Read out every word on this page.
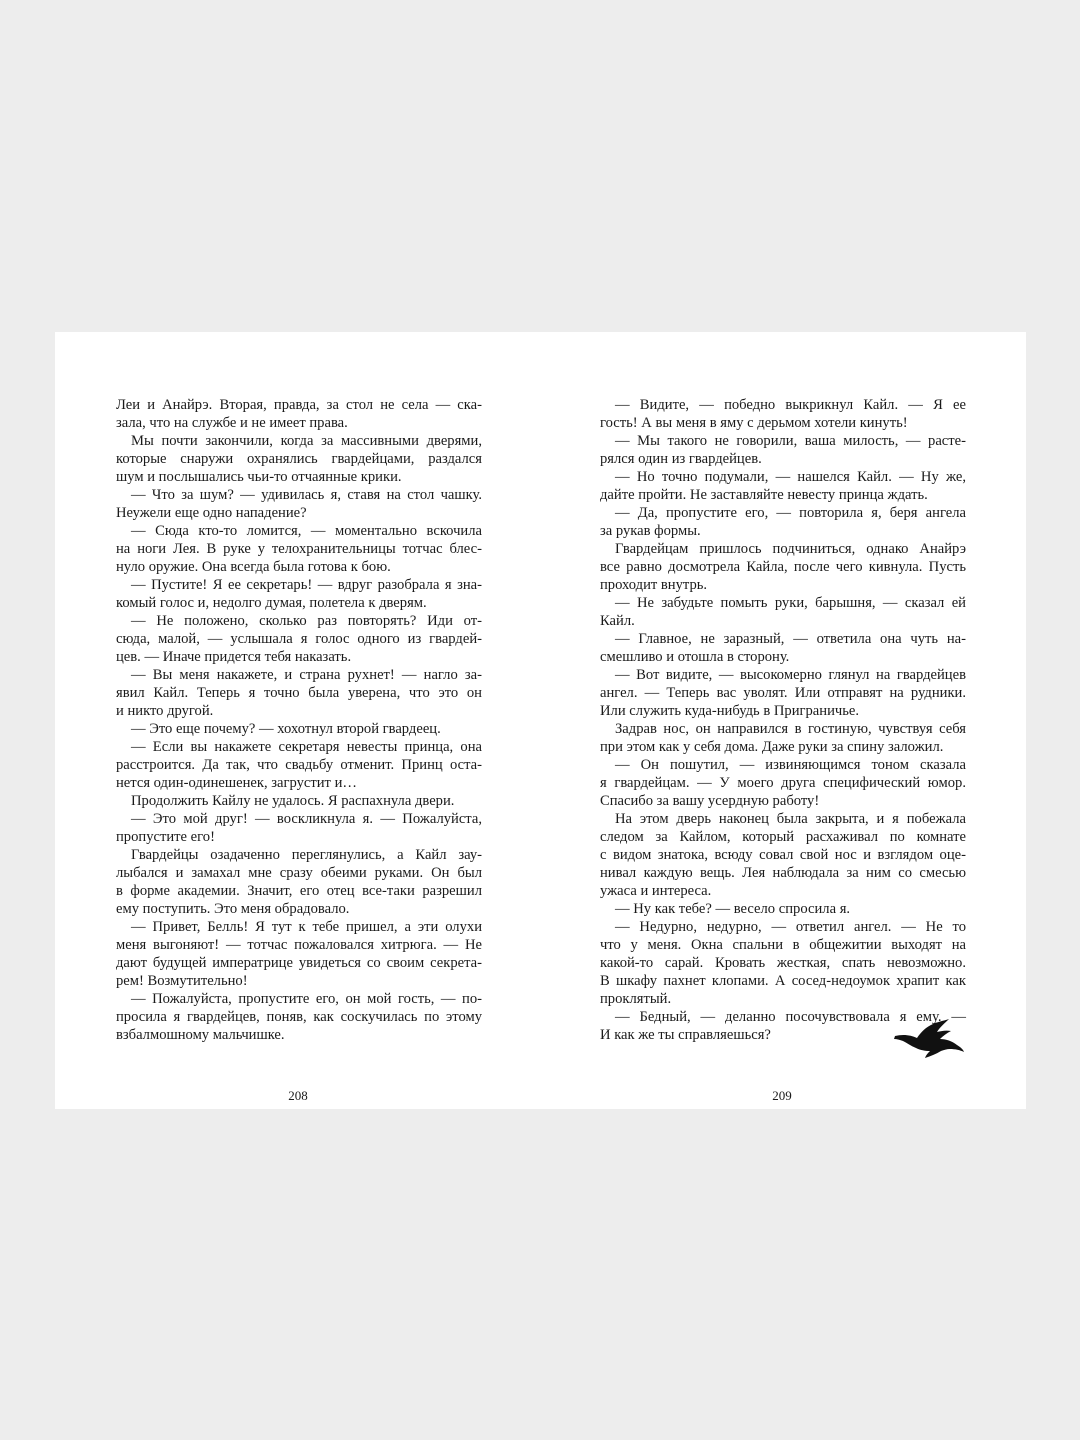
Леи и Анайрэ. Вторая, правда, за стол не села — ска-
зала, что на службе и не имеет права.
Мы почти закончили, когда за массивными дверями,
которые снаружи охранялись гвардейцами, раздался
шум и послышались чьи-то отчаянные крики.
— Что за шум? — удивилась я, ставя на стол чашку.
Неужели еще одно нападение?
— Сюда кто-то ломится, — моментально вскочила
на ноги Лея. В руке у телохранительницы тотчас блес-
нуло оружие. Она всегда была готова к бою.
— Пустите! Я ее секретарь! — вдруг разобрала я зна-
комый голос и, недолго думая, полетела к дверям.
— Не положено, сколько раз повторять? Иди от-
сюда, малой, — услышала я голос одного из гвардей-
цев. — Иначе придется тебя наказать.
— Вы меня накажете, и страна рухнет! — нагло за-
явил Кайл. Теперь я точно была уверена, что это он
и никто другой.
— Это еще почему? — хохотнул второй гвардеец.
— Если вы накажете секретаря невесты принца, она
расстроится. Да так, что свадьбу отменит. Принц оста-
нется один-одинешенек, загрустит и…
Продолжить Кайлу не удалось. Я распахнула двери.
— Это мой друг! — воскликнула я. — Пожалуйста,
пропустите его!
Гвардейцы озадаченно переглянулись, а Кайл зау-
лыбался и замахал мне сразу обеими руками. Он был
в форме академии. Значит, его отец все-таки разрешил
ему поступить. Это меня обрадовало.
— Привет, Белль! Я тут к тебе пришел, а эти олухи
меня выгоняют! — тотчас пожаловался хитрюга. — Не
дают будущей императрице увидеться со своим секрета-
рем! Возмутительно!
— Пожалуйста, пропустите его, он мой гость, — по-
просила я гвардейцев, поняв, как соскучилась по этому
взбалмошному мальчишке.
— Видите, — победно выкрикнул Кайл. — Я ее
гость! А вы меня в яму с дерьмом хотели кинуть!
— Мы такого не говорили, ваша милость, — расте-
рялся один из гвардейцев.
— Но точно подумали, — нашелся Кайл. — Ну же,
дайте пройти. Не заставляйте невесту принца ждать.
— Да, пропустите его, — повторила я, беря ангела
за рукав формы.
Гвардейцам пришлось подчиниться, однако Анайрэ
все равно досмотрела Кайла, после чего кивнула. Пусть
проходит внутрь.
— Не забудьте помыть руки, барышня, — сказал ей
Кайл.
— Главное, не заразный, — ответила она чуть на-
смешливо и отошла в сторону.
— Вот видите, — высокомерно глянул на гвардейцев
ангел. — Теперь вас уволят. Или отправят на рудники.
Или служить куда-нибудь в Приграничье.
Задрав нос, он направился в гостиную, чувствуя себя
при этом как у себя дома. Даже руки за спину заложил.
— Он пошутил, — извиняющимся тоном сказала
я гвардейцам. — У моего друга специфический юмор.
Спасибо за вашу усердную работу!
На этом дверь наконец была закрыта, и я побежала
следом за Кайлом, который расхаживал по комнате
с видом знатока, всюду совал свой нос и взглядом оце-
нивал каждую вещь. Лея наблюдала за ним со смесью
ужаса и интереса.
— Ну как тебе? — весело спросила я.
— Недурно, недурно, — ответил ангел. — Не то
что у меня. Окна спальни в общежитии выходят на
какой-то сарай. Кровать жесткая, спать невозможно.
В шкафу пахнет клопами. А сосед-недоумок храпит как
проклятый.
— Бедный, — деланно посочувствовала я ему. —
И как же ты справляешься?
208	209
